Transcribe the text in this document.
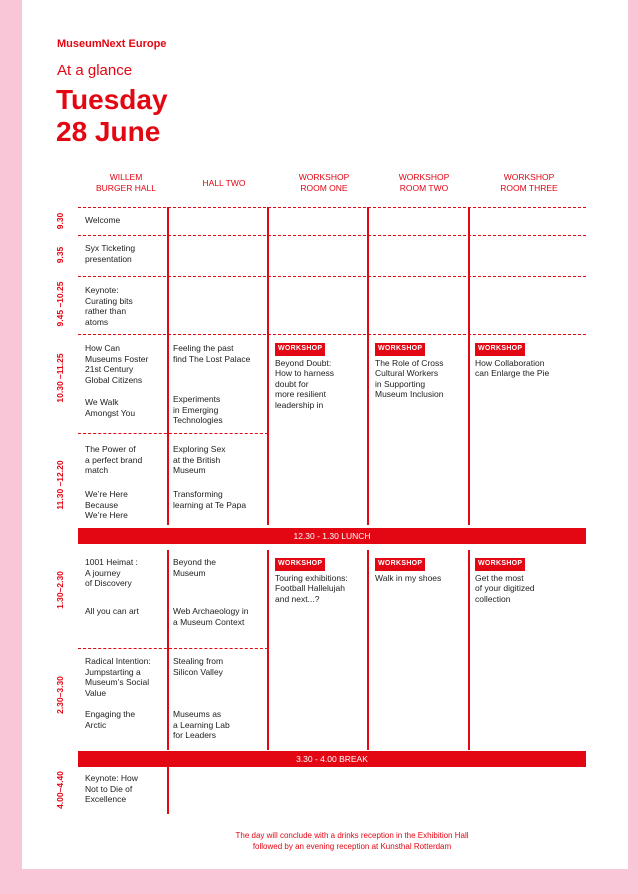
MuseumNext Europe
At a glance
Tuesday
28 June
WILLEM
BURGER HALL	HALL TWO
WORKSHOP
ROOM ONE
WORKSHOP
ROOM TWO
WORKSHOP
ROOM THREE
9.30
9.35
9.45 –10.25
10.30 –11.25
11.30 –12.20
1.30–2.30
2.30–3.30
4.00–4.40
Welcome
Syx Ticketing
presentation
Keynote:
Curating bits
rather than
atoms
How Can
Museums Foster
21st Century
Global Citizens
We Walk
Amongst You
Feeling the past
find The Lost Palace
Experiments
in Emerging
Technologies
WORKSHOP
Beyond Doubt:
How to harness
doubt for
more resilient
leadership in
WORKSHOP
The Role of Cross
Cultural Workers
in Supporting
Museum Inclusion
WORKSHOP
How Collaboration
can Enlarge the Pie
The Power of
a perfect brand
match
We’re Here
Because
We’re Here
Exploring Sex
at the British
Museum
Transforming
learning at Te Papa
12.30 - 1.30 LUNCH
1001 Heimat :
A journey
of Discovery
All you can art
Beyond the
Museum
Web Archaeology in
a Museum Context
WORKSHOP
Touring exhibitions:
Football Hallelujah
and next...?
WORKSHOP
Walk in my shoes
WORKSHOP
Get the most
of your digitized
collection
Radical Intention:
Jumpstarting a
Museum’s Social
Value
Engaging the
Arctic
Stealing from
Silicon Valley
Museums as
a Learning Lab
for Leaders
3.30 - 4.00 BREAK
Keynote: How
Not to Die of
Excellence
The day will conclude with a drinks reception in the Exhibition Hall
followed by an evening reception at Kunsthal Rotterdam
